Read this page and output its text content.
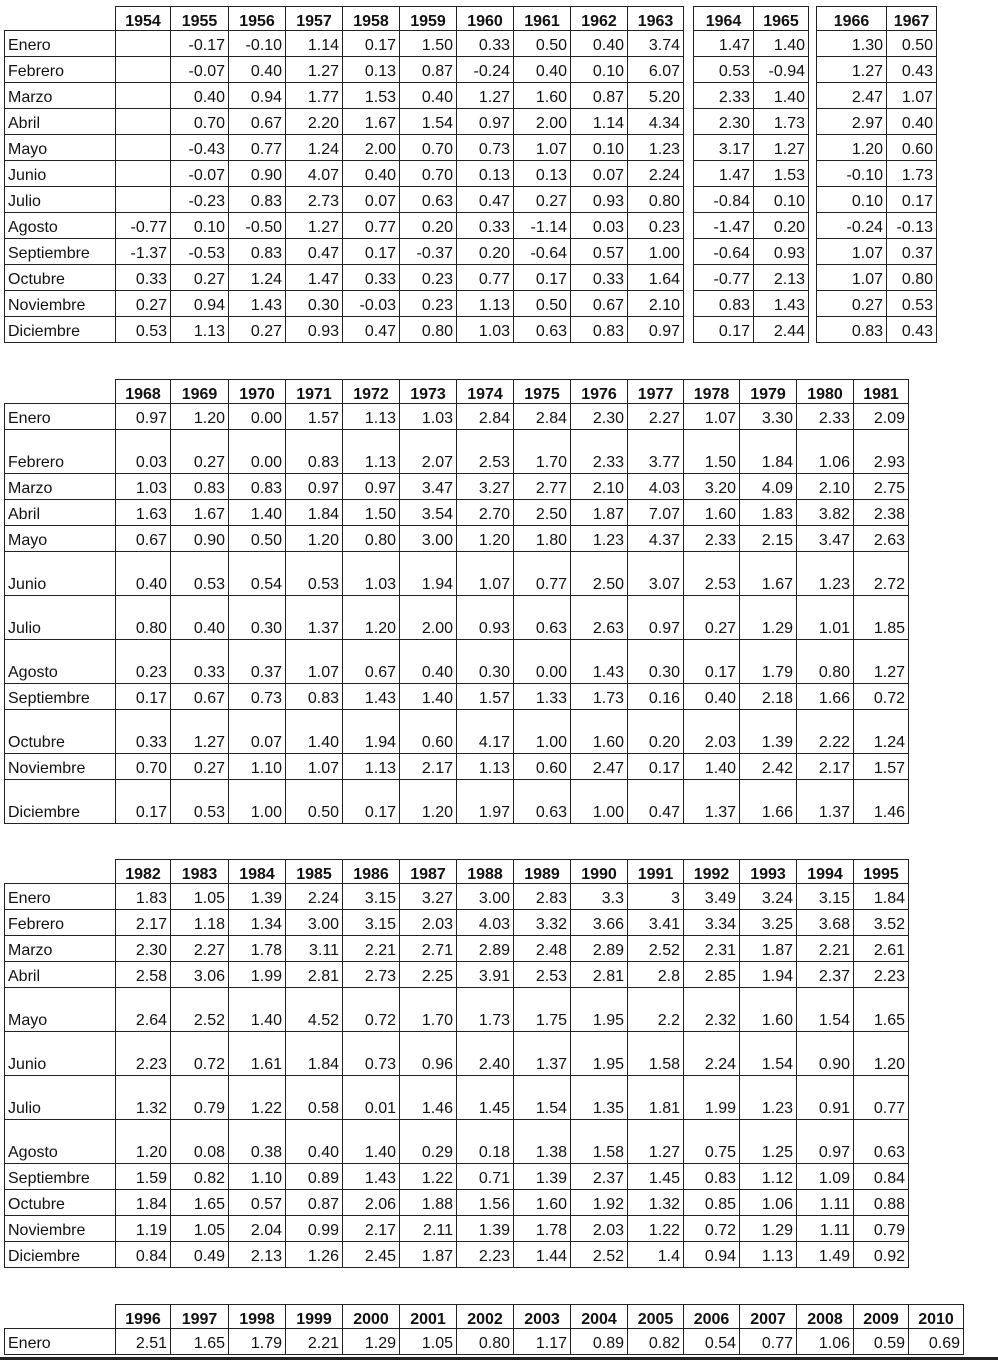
	1954	1955	1956	1957	1958	1959	1960	1961	1962	1963		1964	1965		1966	1967
Enero		-0.17	-0.10	1.14	0.17	1.50	0.33	0.50	0.40	3.74		1.47	1.40		1.30	0.50
Febrero		-0.07	0.40	1.27	0.13	0.87	-0.24	0.40	0.10	6.07		0.53	-0.94		1.27	0.43
Marzo		0.40	0.94	1.77	1.53	0.40	1.27	1.60	0.87	5.20		2.33	1.40		2.47	1.07
Abril		0.70	0.67	2.20	1.67	1.54	0.97	2.00	1.14	4.34		2.30	1.73		2.97	0.40
Mayo		-0.43	0.77	1.24	2.00	0.70	0.73	1.07	0.10	1.23		3.17	1.27		1.20	0.60
Junio		-0.07	0.90	4.07	0.40	0.70	0.13	0.13	0.07	2.24		1.47	1.53		-0.10	1.73
Julio		-0.23	0.83	2.73	0.07	0.63	0.47	0.27	0.93	0.80		-0.84	0.10		0.10	0.17
Agosto	-0.77	0.10	-0.50	1.27	0.77	0.20	0.33	-1.14	0.03	0.23		-1.47	0.20		-0.24	-0.13
Septiembre	-1.37	-0.53	0.83	0.47	0.17	-0.37	0.20	-0.64	0.57	1.00		-0.64	0.93		1.07	0.37
Octubre	0.33	0.27	1.24	1.47	0.33	0.23	0.77	0.17	0.33	1.64		-0.77	2.13		1.07	0.80
Noviembre	0.27	0.94	1.43	0.30	-0.03	0.23	1.13	0.50	0.67	2.10		0.83	1.43		0.27	0.53
Diciembre	0.53	1.13	0.27	0.93	0.47	0.80	1.03	0.63	0.83	0.97		0.17	2.44		0.83	0.43
	1968	1969	1970	1971	1972	1973	1974	1975	1976	1977	1978	1979	1980	1981
Enero	0.97	1.20	0.00	1.57	1.13	1.03	2.84	2.84	2.30	2.27	1.07	3.30	2.33	2.09
Febrero	0.03	0.27	0.00	0.83	1.13	2.07	2.53	1.70	2.33	3.77	1.50	1.84	1.06	2.93
Marzo	1.03	0.83	0.83	0.97	0.97	3.47	3.27	2.77	2.10	4.03	3.20	4.09	2.10	2.75
Abril	1.63	1.67	1.40	1.84	1.50	3.54	2.70	2.50	1.87	7.07	1.60	1.83	3.82	2.38
Mayo	0.67	0.90	0.50	1.20	0.80	3.00	1.20	1.80	1.23	4.37	2.33	2.15	3.47	2.63
Junio	0.40	0.53	0.54	0.53	1.03	1.94	1.07	0.77	2.50	3.07	2.53	1.67	1.23	2.72
Julio	0.80	0.40	0.30	1.37	1.20	2.00	0.93	0.63	2.63	0.97	0.27	1.29	1.01	1.85
Agosto	0.23	0.33	0.37	1.07	0.67	0.40	0.30	0.00	1.43	0.30	0.17	1.79	0.80	1.27
Septiembre	0.17	0.67	0.73	0.83	1.43	1.40	1.57	1.33	1.73	0.16	0.40	2.18	1.66	0.72
Octubre	0.33	1.27	0.07	1.40	1.94	0.60	4.17	1.00	1.60	0.20	2.03	1.39	2.22	1.24
Noviembre	0.70	0.27	1.10	1.07	1.13	2.17	1.13	0.60	2.47	0.17	1.40	2.42	2.17	1.57
Diciembre	0.17	0.53	1.00	0.50	0.17	1.20	1.97	0.63	1.00	0.47	1.37	1.66	1.37	1.46
	1982	1983	1984	1985	1986	1987	1988	1989	1990	1991	1992	1993	1994	1995
Enero	1.83	1.05	1.39	2.24	3.15	3.27	3.00	2.83	3.3	3	3.49	3.24	3.15	1.84
Febrero	2.17	1.18	1.34	3.00	3.15	2.03	4.03	3.32	3.66	3.41	3.34	3.25	3.68	3.52
Marzo	2.30	2.27	1.78	3.11	2.21	2.71	2.89	2.48	2.89	2.52	2.31	1.87	2.21	2.61
Abril	2.58	3.06	1.99	2.81	2.73	2.25	3.91	2.53	2.81	2.8	2.85	1.94	2.37	2.23
Mayo	2.64	2.52	1.40	4.52	0.72	1.70	1.73	1.75	1.95	2.2	2.32	1.60	1.54	1.65
Junio	2.23	0.72	1.61	1.84	0.73	0.96	2.40	1.37	1.95	1.58	2.24	1.54	0.90	1.20
Julio	1.32	0.79	1.22	0.58	0.01	1.46	1.45	1.54	1.35	1.81	1.99	1.23	0.91	0.77
Agosto	1.20	0.08	0.38	0.40	1.40	0.29	0.18	1.38	1.58	1.27	0.75	1.25	0.97	0.63
Septiembre	1.59	0.82	1.10	0.89	1.43	1.22	0.71	1.39	2.37	1.45	0.83	1.12	1.09	0.84
Octubre	1.84	1.65	0.57	0.87	2.06	1.88	1.56	1.60	1.92	1.32	0.85	1.06	1.11	0.88
Noviembre	1.19	1.05	2.04	0.99	2.17	2.11	1.39	1.78	2.03	1.22	0.72	1.29	1.11	0.79
Diciembre	0.84	0.49	2.13	1.26	2.45	1.87	2.23	1.44	2.52	1.4	0.94	1.13	1.49	0.92
	1996	1997	1998	1999	2000	2001	2002	2003	2004	2005	2006	2007	2008	2009	2010
Enero	2.51	1.65	1.79	2.21	1.29	1.05	0.80	1.17	0.89	0.82	0.54	0.77	1.06	0.59	0.69
